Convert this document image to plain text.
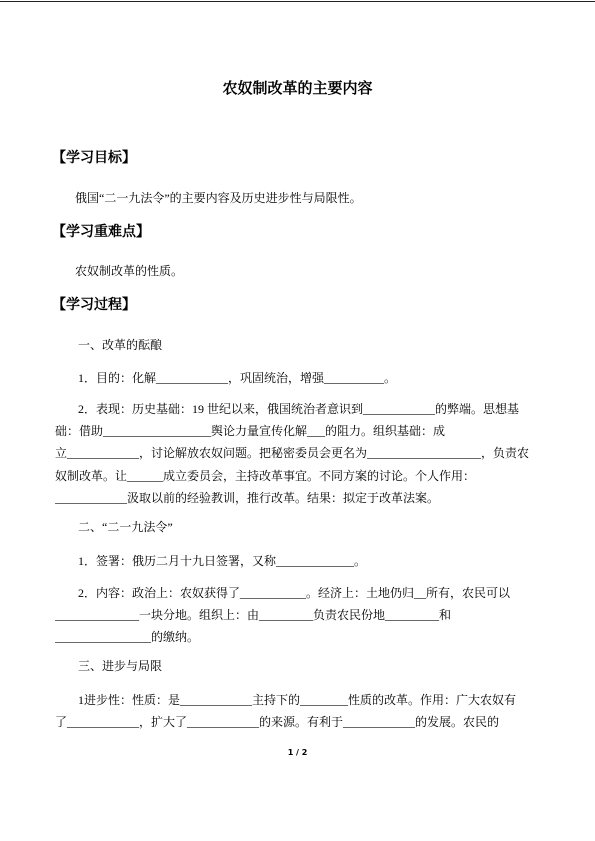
农奴制改革的主要内容
【学习目标】
俄国“二一九法令”的主要内容及历史进步性与局限性。
【学习重难点】
农奴制改革的性质。
【学习过程】
一、改革的酝酿
1．目的：化解____________，巩固统治，增强__________。
2．表现：历史基础：19 世纪以来，俄国统治者意识到____________的弊端。思想基
础：借助__________________舆论力量宣传化解___的阻力。组织基础：成
立____________，讨论解放农奴问题。把秘密委员会更名为___________________，负责农
奴制改革。让______成立委员会，主持改革事宜。不同方案的讨论。个人作用：
____________汲取以前的经验教训，推行改革。结果：拟定于改革法案。
二、“二一九法令”
1．签署：俄历二月十九日签署，又称_____________。
2．内容：政治上：农奴获得了___________。经济上：土地仍归__所有，农民可以
______________一块分地。组织上：由_________负责农民份地_________和
________________的缴纳。
三、进步与局限
1进步性：性质：是____________主持下的________性质的改革。作用：广大农奴有
了____________，扩大了____________的来源。有利于____________的发展。农民的
1 / 2
